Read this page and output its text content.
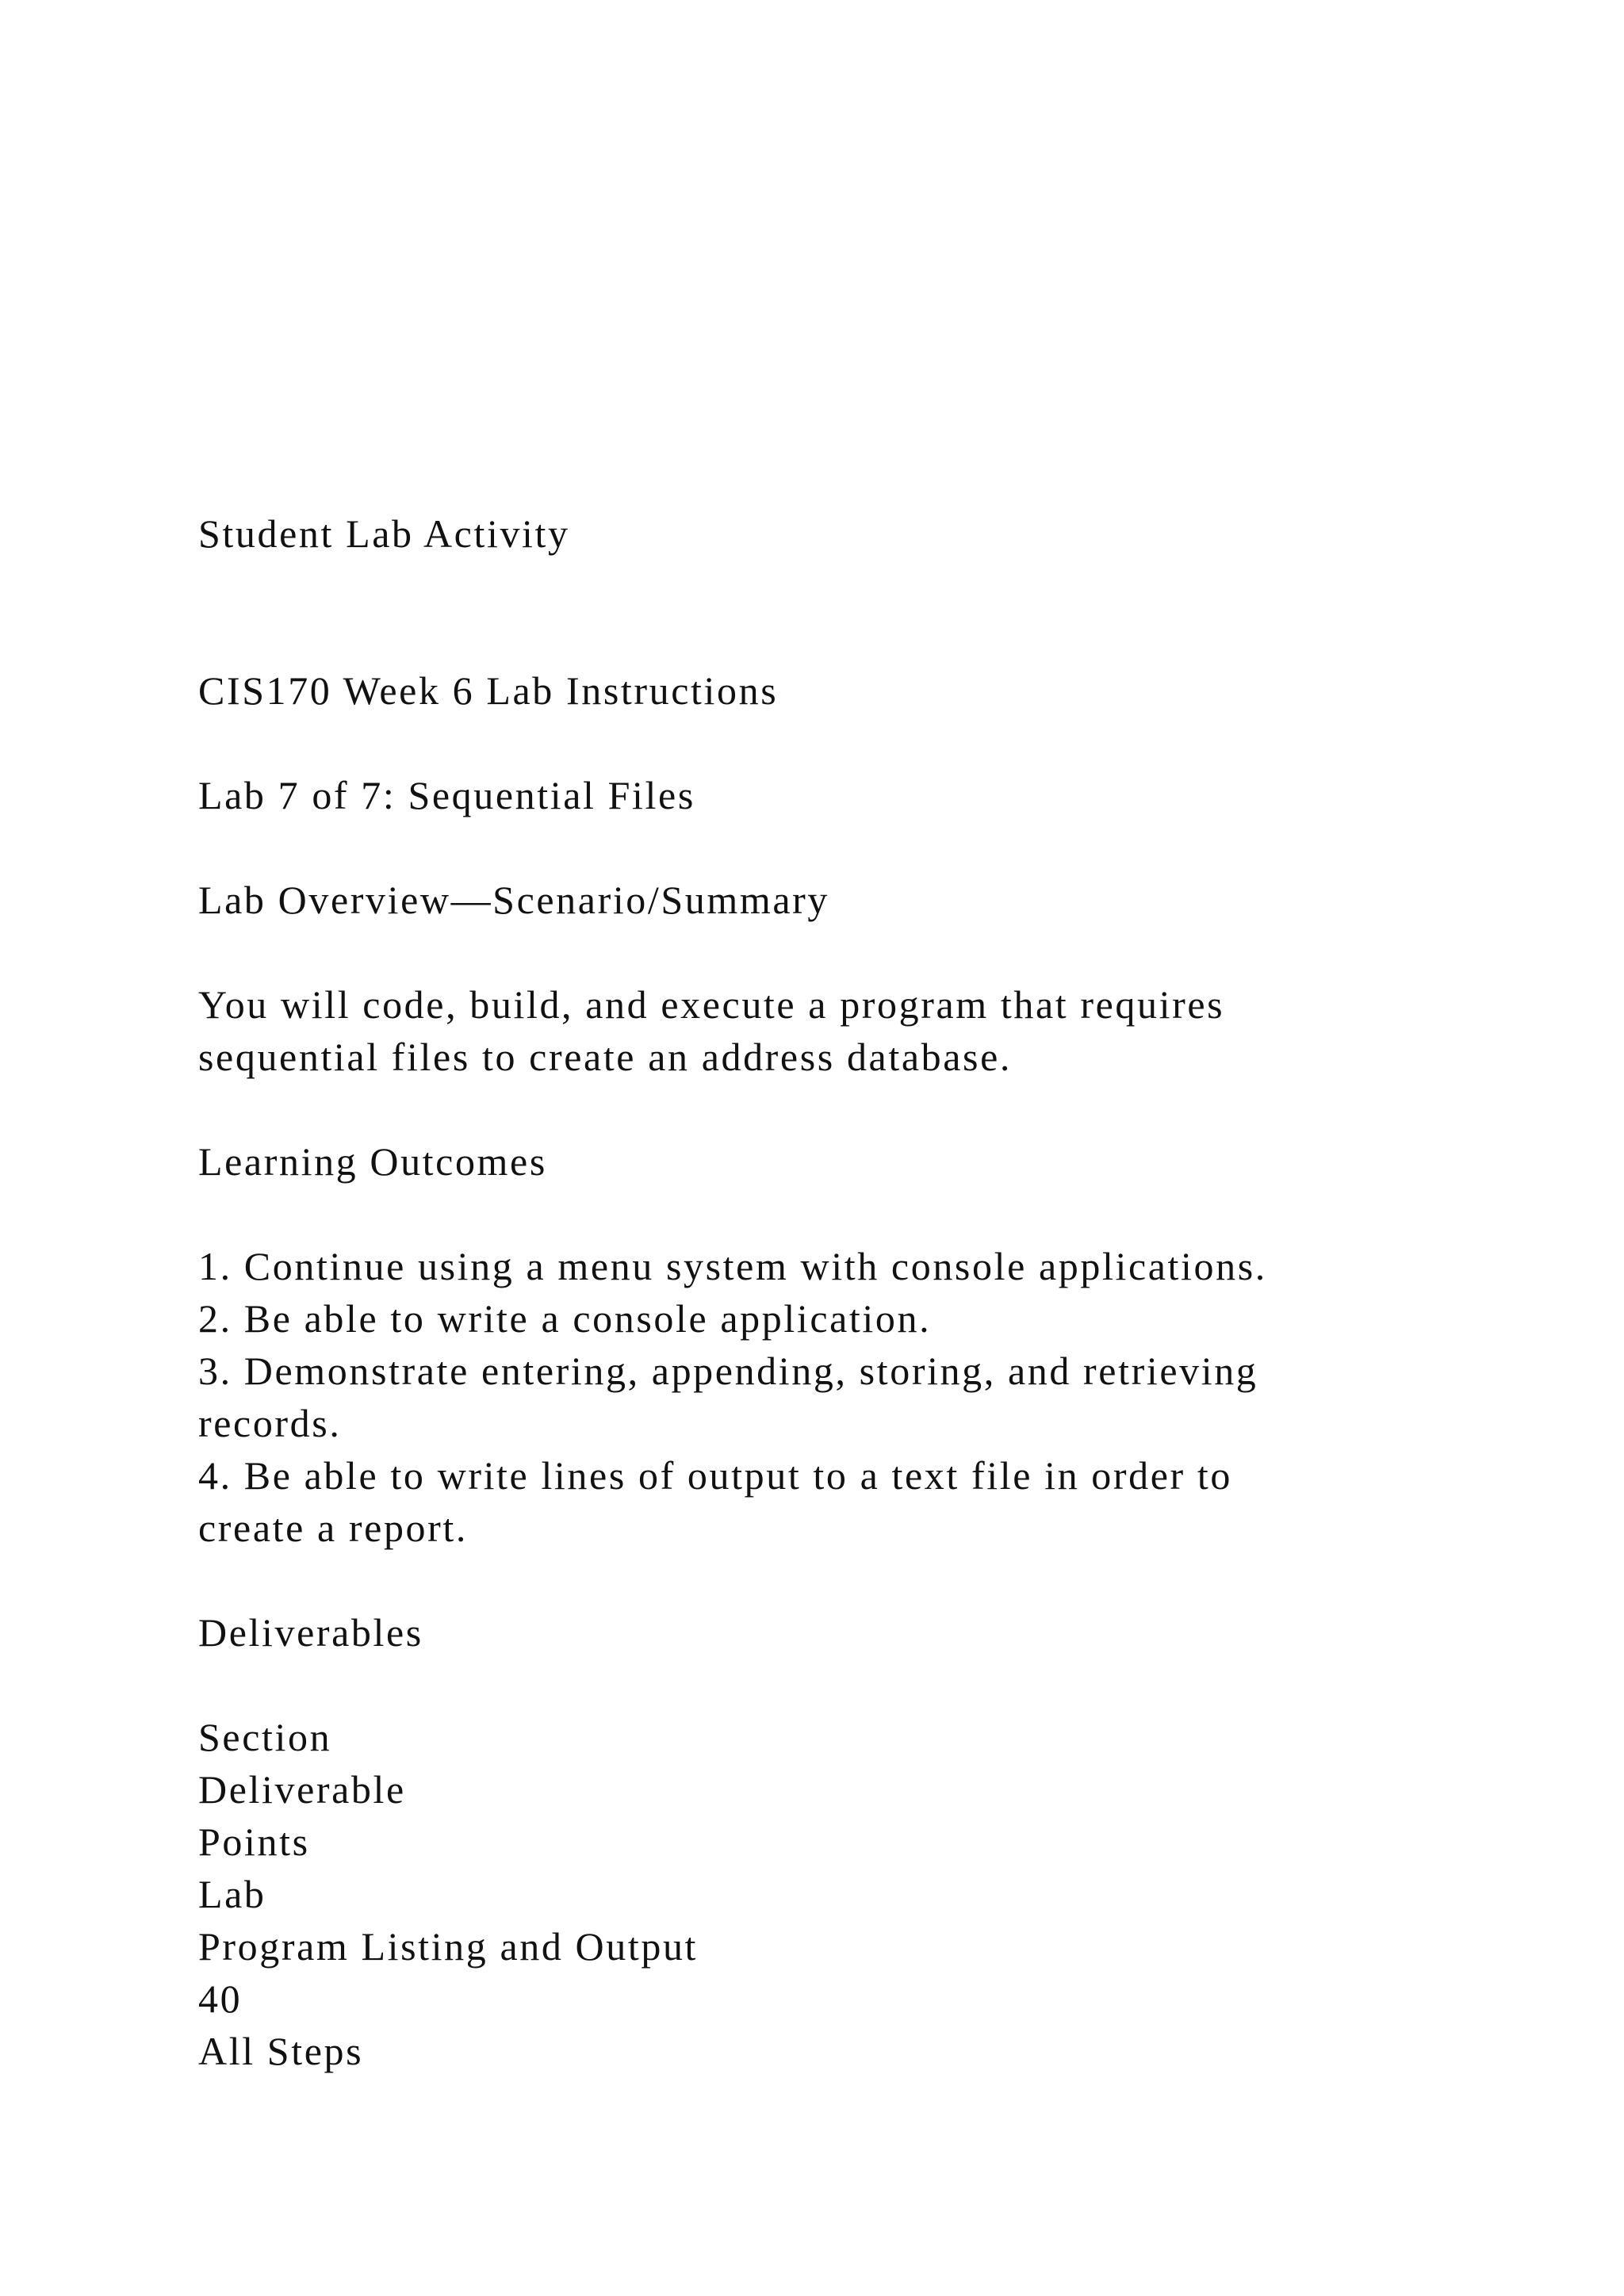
Student Lab Activity
CIS170 Week 6 Lab Instructions
Lab 7 of 7: Sequential Files
Lab Overview—Scenario/Summary
You will code, build, and execute a program that requires
sequential files to create an address database.
Learning Outcomes
1. Continue using a menu system with console applications.
2. Be able to write a console application.
3. Demonstrate entering, appending, storing, and retrieving
records.
4. Be able to write lines of output to a text file in order to
create a report.
Deliverables
Section
Deliverable
Points
Lab
Program Listing and Output
40
All Steps
